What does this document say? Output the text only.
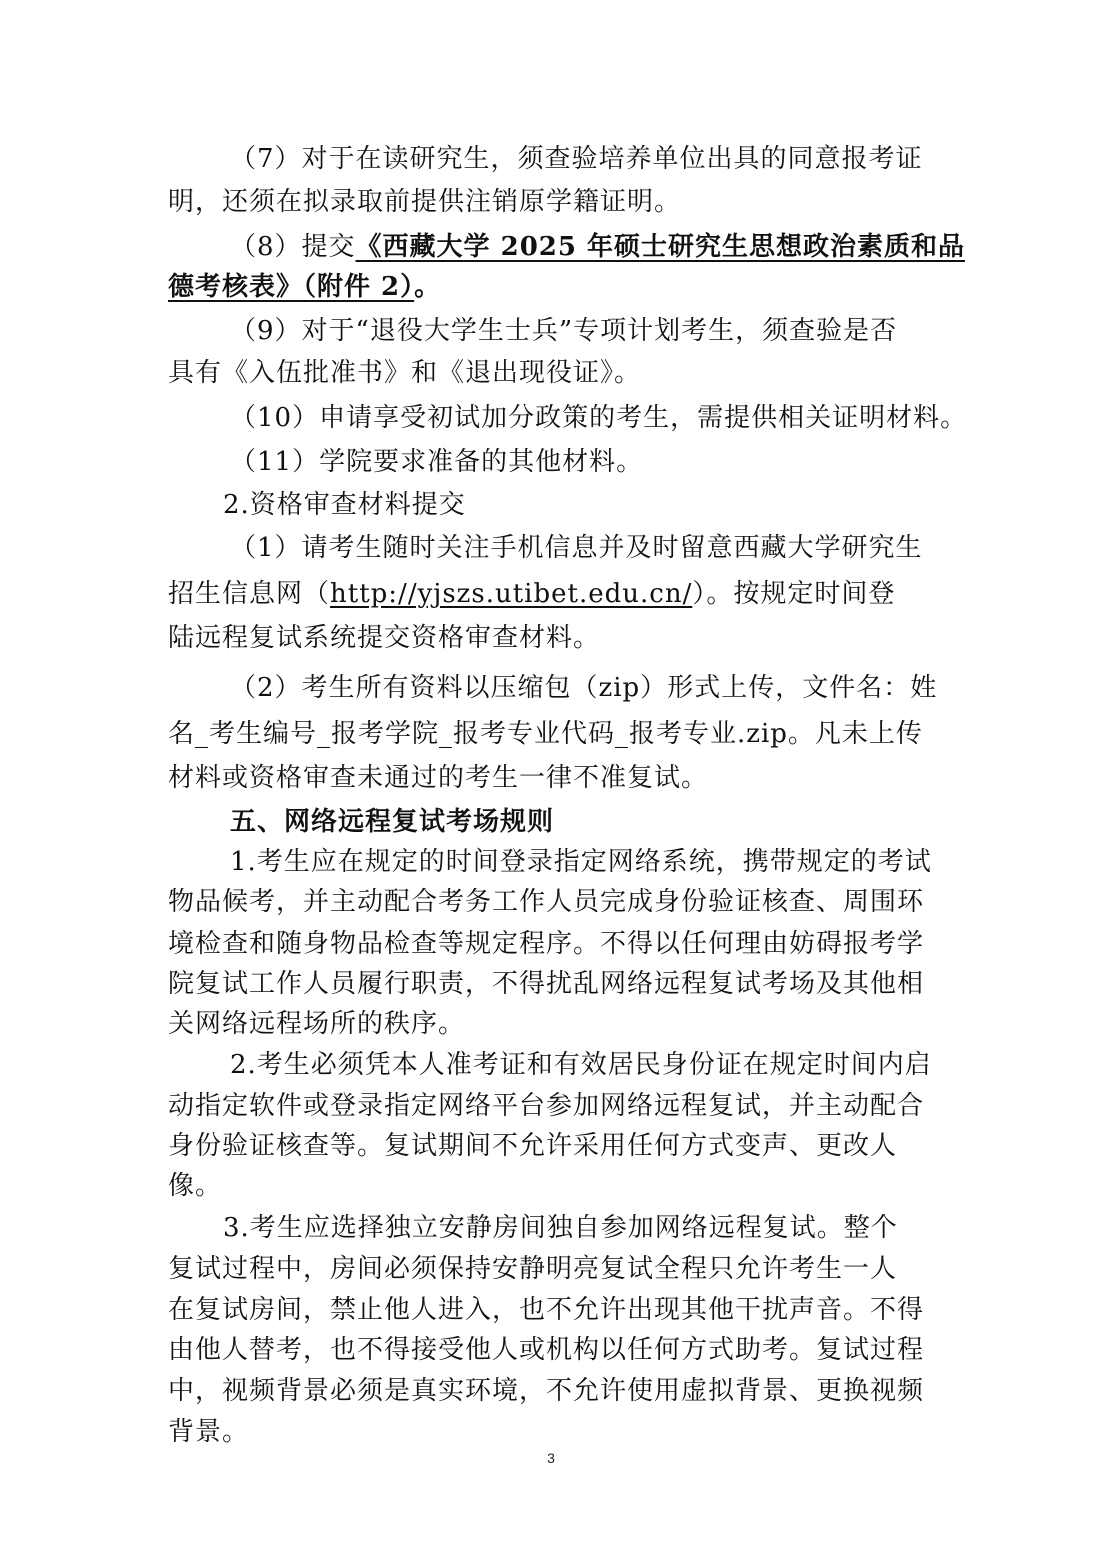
（7）对于在读研究生，须查验培养单位出具的同意报考证
明，还须在拟录取前提供注销原学籍证明。
（8）提交《西藏大学 2025 年硕士研究生思想政治素质和品
德考核表》（附件 2）。
（9）对于“退役大学生士兵”专项计划考生，须查验是否
具有《入伍批准书》和《退出现役证》。
（10）申请享受初试加分政策的考生，需提供相关证明材料。
（11）学院要求准备的其他材料。
2.资格审查材料提交
（1）请考生随时关注手机信息并及时留意西藏大学研究生
招生信息网（http://yjszs.utibet.edu.cn/）。按规定时间登
陆远程复试系统提交资格审查材料。
（2）考生所有资料以压缩包（zip）形式上传，文件名：姓
名_考生编号_报考学院_报考专业代码_报考专业.zip。凡未上传
材料或资格审查未通过的考生一律不准复试。
五、网络远程复试考场规则
1.考生应在规定的时间登录指定网络系统，携带规定的考试
物品候考，并主动配合考务工作人员完成身份验证核查、周围环
境检查和随身物品检查等规定程序。不得以任何理由妨碍报考学
院复试工作人员履行职责，不得扰乱网络远程复试考场及其他相
关网络远程场所的秩序。
2.考生必须凭本人准考证和有效居民身份证在规定时间内启
动指定软件或登录指定网络平台参加网络远程复试，并主动配合
身份验证核查等。复试期间不允许采用任何方式变声、更改人
像。
3.考生应选择独立安静房间独自参加网络远程复试。整个
复试过程中，房间必须保持安静明亮复试全程只允许考生一人
在复试房间，禁止他人进入，也不允许出现其他干扰声音。不得
由他人替考，也不得接受他人或机构以任何方式助考。复试过程
中，视频背景必须是真实环境，不允许使用虚拟背景、更换视频
背景。
3
